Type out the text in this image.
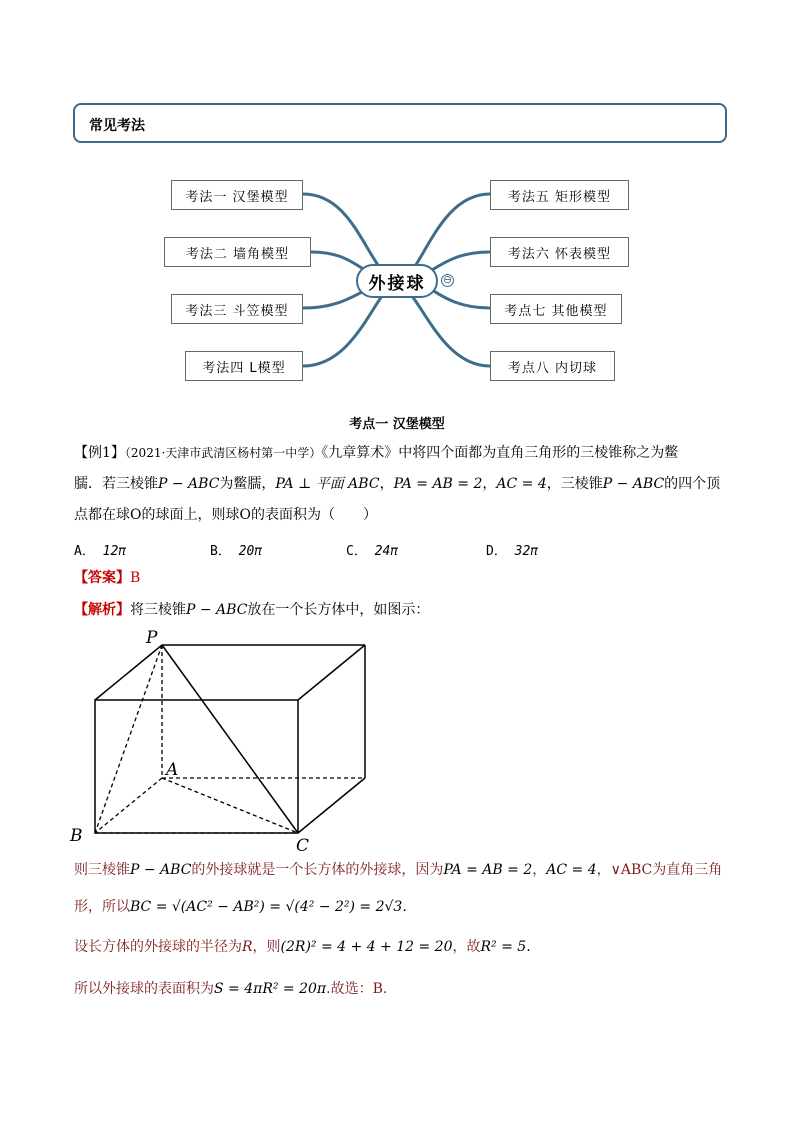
常见考法
考法一 汉堡模型
考法二 墙角模型
考法三 斗笠模型
考法四 L模型
考法五 矩形模型
考法六 怀表模型
考点七 其他模型
考点八 内切球
外接球	⊖
考点一 汉堡模型
【例1】（2021·天津市武清区杨村第一中学）《九章算术》中将四个面都为直角三角形的三棱锥称之为鳖
臑．若三棱锥P − ABC为鳖臑，PA ⊥ 平面 ABC，PA = AB = 2，AC = 4，三棱锥P − ABC的四个顶
点都在球O的球面上，则球O的表面积为（　　）
A． 12π	B． 20π	C． 24π	D． 32π
【答案】B
【解析】将三棱锥P − ABC放在一个长方体中，如图示：
P
A
B	C
则三棱锥P − ABC的外接球就是一个长方体的外接球，因为PA = AB = 2，AC = 4，∨ABC为直角三角
形，所以BC = √(AC² − AB²) = √(4² − 2²) = 2√3.
设长方体的外接球的半径为R，则(2R)² = 4 + 4 + 12 = 20，故R² = 5.
所以外接球的表面积为S = 4πR² = 20π.故选：B.
